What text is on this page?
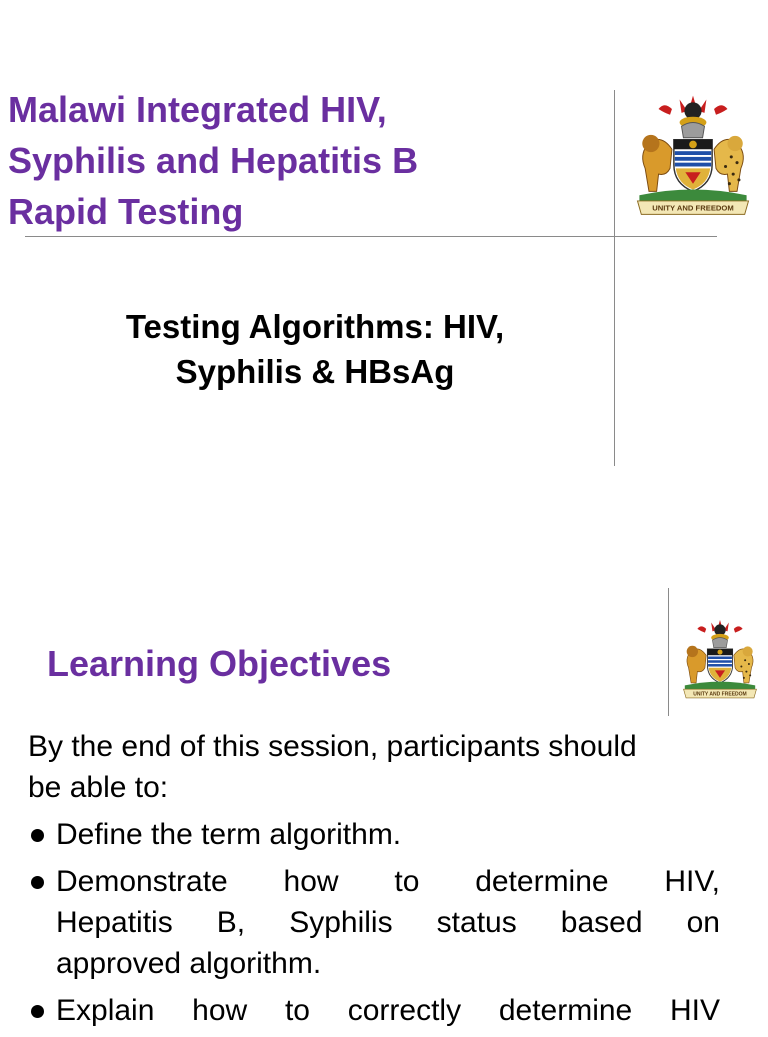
Malawi Integrated HIV,
Syphilis and Hepatitis B
Rapid Testing	UNITY AND FREEDOM
Testing Algorithms: HIV,
Syphilis & HBsAg
UNITY AND FREEDOM
Learning Objectives
By the end of this session, participants should
be able to:
Define the term algorithm.
Demonstrate how to determine HIV,
Hepatitis B, Syphilis status based on
approved algorithm.
Explain how to correctly determine HIV
